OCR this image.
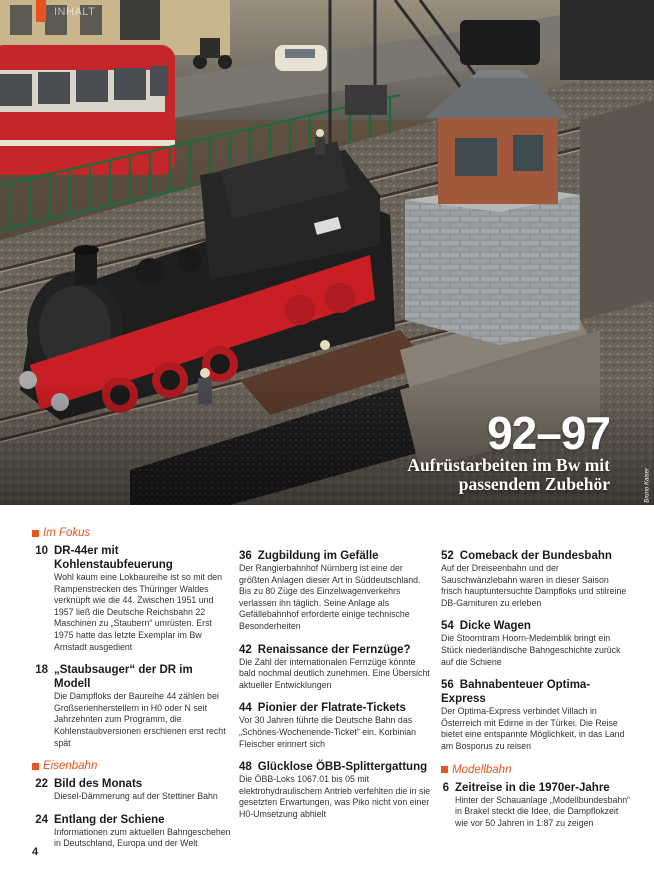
INHALT
92–97
Aufrüstarbeiten im Bw mit passendem Zubehör	Bruno Kaiser
Im Fokus
10 DR-44er mit Kohlenstaubfeuerung
Wohl kaum eine Lokbaureihe ist so mit den Rampenstrecken des Thüringer Waldes verknüpft wie die 44. Zwischen 1951 und 1957 ließ die Deutsche Reichsbahn 22 Maschinen zu „Staubern“ umrüsten. Erst 1975 hatte das letzte Exemplar im Bw Arnstadt ausgedient
18 „Staubsauger“ der DR im Modell
Die Dampfloks der Baureihe 44 zählen bei Großserienherstellern in H0 oder N seit Jahrzehnten zum Programm, die Kohlenstaubversionen erschienen erst recht spät
Eisenbahn
22 Bild des Monats
Diesel-Dämmerung auf der Stettiner Bahn
24 Entlang der Schiene
Informationen zum aktuellen Bahngeschehen in Deutschland, Europa und der Welt
36 Zugbildung im Gefälle
Der Rangierbahnhof Nürnberg ist eine der größten Anlagen dieser Art in Süddeutschland. Bis zu 80 Züge des Einzelwagenverkehrs verlassen ihn täglich. Seine Anlage als Gefällebahnhof erforderte einige technische Besonderheiten
42 Renaissance der Fernzüge?
Die Zahl der internationalen Fernzüge könnte bald nochmal deutlich zunehmen. Eine Übersicht aktueller Entwicklungen
44 Pionier der Flatrate-Tickets
Vor 30 Jahren führte die Deutsche Bahn das „Schönes-Wochenende-Ticket“ ein. Korbinian Fleischer erinnert sich
48 Glücklose ÖBB-Splittergattung
Die ÖBB-Loks 1067.01 bis 05 mit elektrohydraulischem Antrieb verfehlten die in sie gesetzten Erwartungen, was Piko nicht von einer H0-Umsetzung abhielt
52 Comeback der Bundesbahn
Auf der Dreiseenbahn und der Sauschwänzlebahn waren in dieser Saison frisch hauptuntersuchte Dampfloks und stilreine DB-Garnituren zu erleben
54 Dicke Wagen
Die Stoomtram Hoorn-Medemblik bringt ein Stück niederländische Bahngeschichte zurück auf die Schiene
56 Bahnabenteuer Optima-Express
Der Optima-Express verbindet Villach in Österreich mit Edirne in der Türkei. Die Reise bietet eine entspannte Möglichkeit, in das Land am Bosporus zu reisen
Modellbahn
6 Zeitreise in die 1970er-Jahre
Hinter der Schauanlage „Modellbundesbahn“ in Brakel steckt die Idee, die Dampflokzeit wie vor 50 Jahren in 1:87 zu zeigen
4
